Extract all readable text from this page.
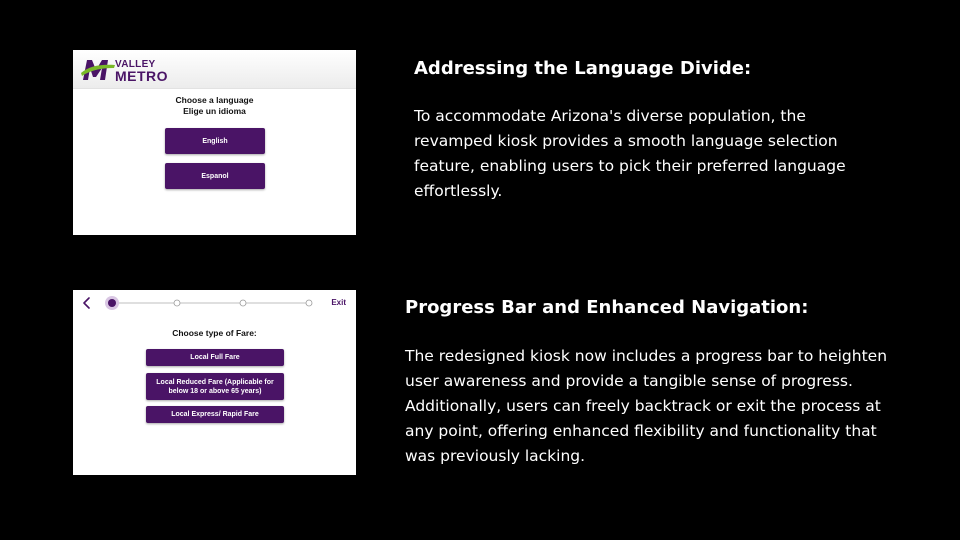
VALLEY
METRO
Choose a language
Elige un idioma
English
Espanol
Exit
Choose type of Fare:
Local Full Fare
Local Reduced Fare (Applicable for below 18 or above 65 years)
Local Express/ Rapid Fare
Addressing the Language Divide:

To accommodate Arizona's diverse population, the revamped kiosk provides a smooth language selection feature, enabling users to pick their preferred language effortlessly.

Progress Bar and Enhanced Navigation:

The redesigned kiosk now includes a progress bar to heighten user awareness and provide a tangible sense of progress. Additionally, users can freely backtrack or exit the process at any point, offering enhanced flexibility and functionality that was previously lacking.
